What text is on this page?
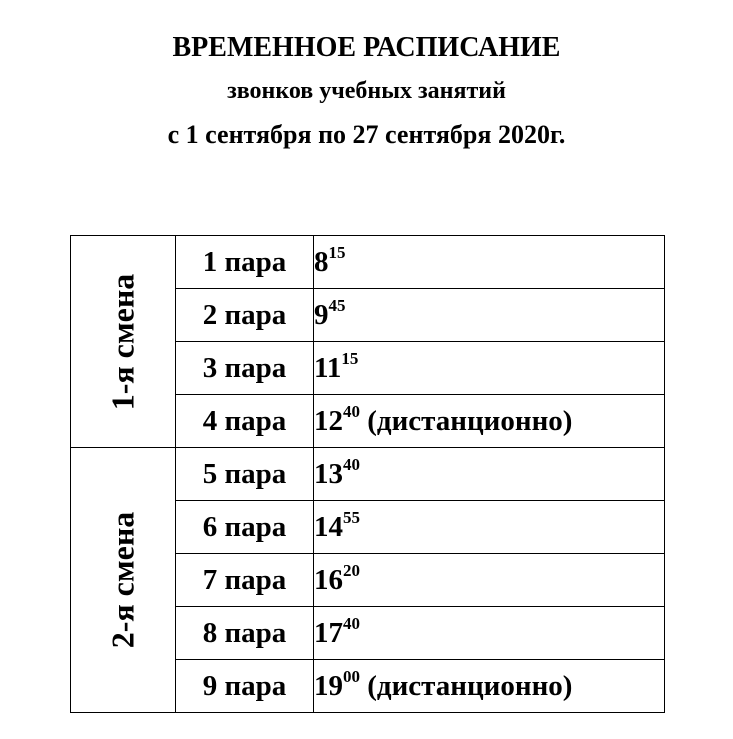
ВРЕМЕННОЕ РАСПИСАНИЕ
звонков учебных занятий
с 1 сентября по 27 сентября 2020г.
1-я смена	1 пара	$8^{15}$
	2 пара	$9^{45}$
	3 пара	$11^{15}$
	4 пара	$12^{40}$ (дистанционно)

2-я смена	5 пара	$13^{40}$
	6 пара	$14^{55}$
	7 пара	$16^{20}$
	8 пара	$17^{40}$
	9 пара	$19^{00}$ (дистанционно)
